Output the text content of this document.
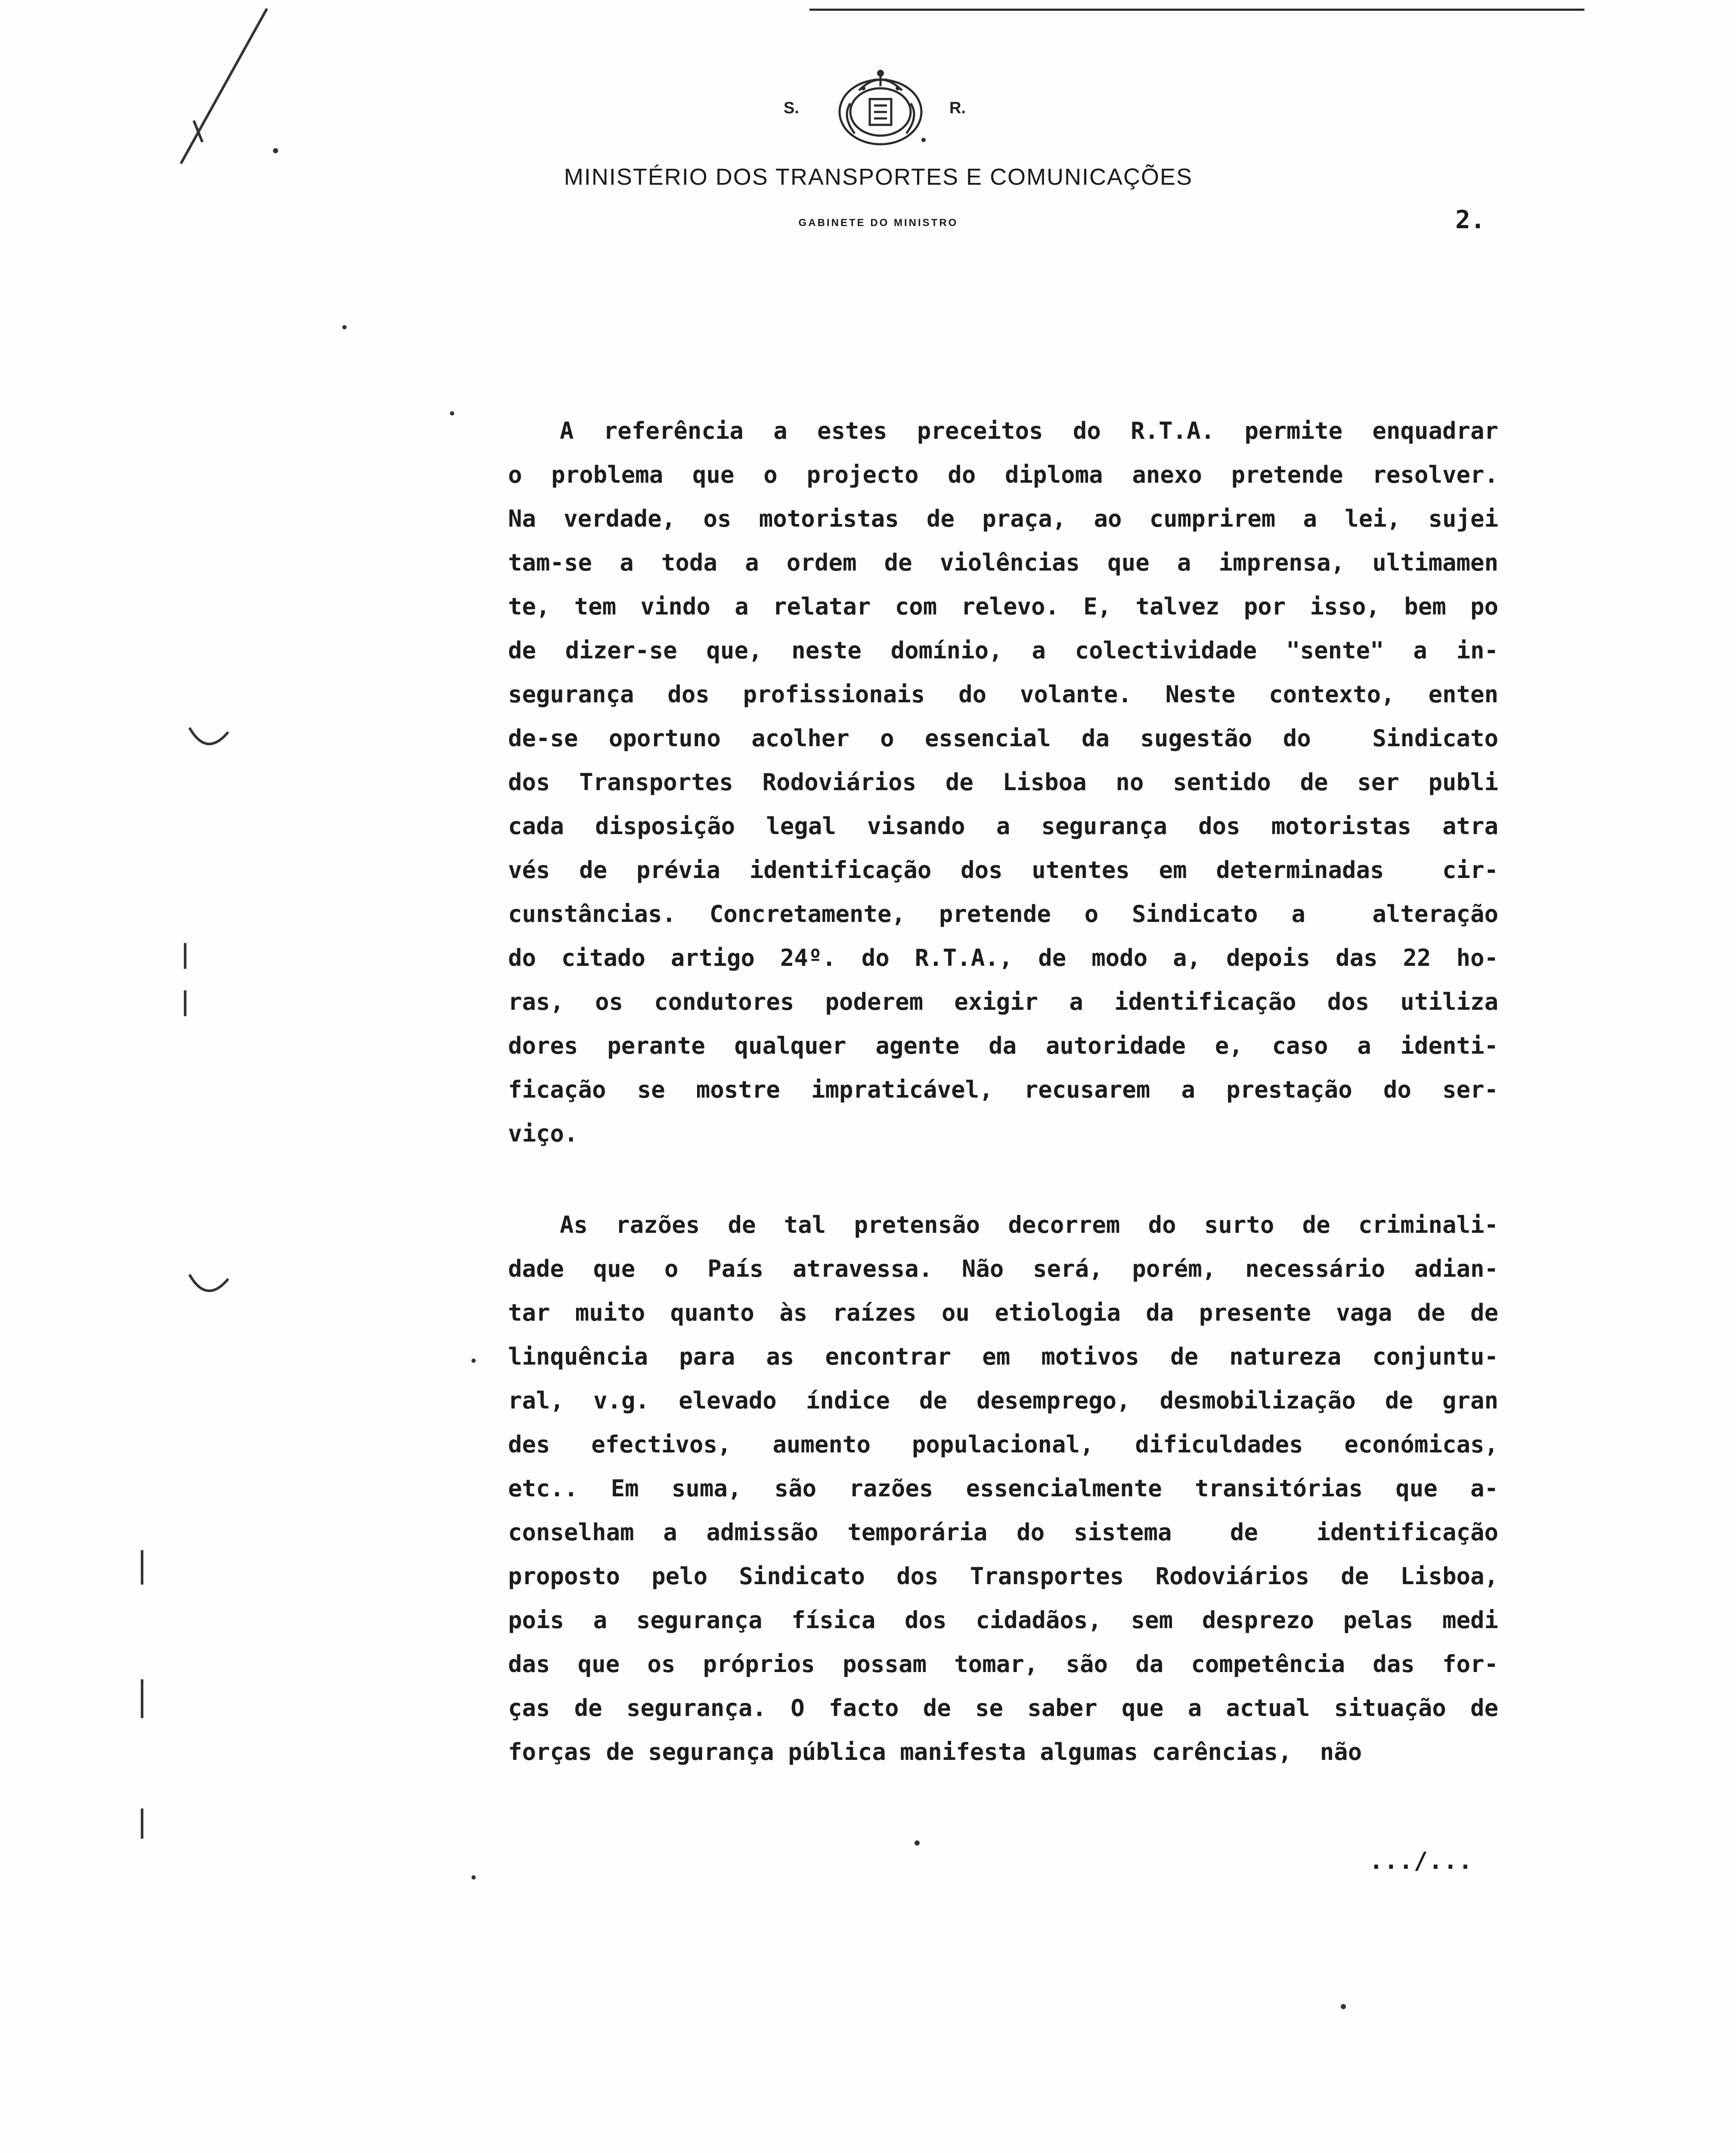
S.	R.
MINISTÉRIO DOS TRANSPORTES E COMUNICAÇÕES
GABINETE DO MINISTRO	2.
A referência a estes preceitos do R.T.A. permite enquadrar
o problema que o projecto do diploma anexo pretende resolver.
Na verdade, os motoristas de praça, ao cumprirem a lei, sujei
tam-se a toda a ordem de violências que a imprensa, ultimamen
te, tem vindo a relatar com relevo. E, talvez por isso, bem po
de dizer-se que, neste domínio, a colectividade "sente" a in-
segurança dos profissionais do volante. Neste contexto, enten
de-se oportuno acolher o essencial da sugestão do  Sindicato
dos Transportes Rodoviários de Lisboa no sentido de ser publi
cada disposição legal visando a segurança dos motoristas atra
vés de prévia identificação dos utentes em determinadas  cir-
cunstâncias. Concretamente, pretende o Sindicato a  alteração
do citado artigo 24º. do R.T.A., de modo a, depois das 22 ho-
ras, os condutores poderem exigir a identificação dos utiliza
dores perante qualquer agente da autoridade e, caso a identi-
ficação se mostre impraticável, recusarem a prestação do ser-
viço.
As razões de tal pretensão decorrem do surto de criminali-
dade que o País atravessa. Não será, porém, necessário adian-
tar muito quanto às raízes ou etiologia da presente vaga de de
linquência para as encontrar em motivos de natureza conjuntu-
ral, v.g. elevado índice de desemprego, desmobilização de gran
des efectivos, aumento populacional, dificuldades económicas,
etc.. Em suma, são razões essencialmente transitórias que a-
conselham a admissão temporária do sistema  de  identificação
proposto pelo Sindicato dos Transportes Rodoviários de Lisboa,
pois a segurança física dos cidadãos, sem desprezo pelas medi
das que os próprios possam tomar, são da competência das for-
ças de segurança. O facto de se saber que a actual situação de
forças de segurança pública manifesta algumas carências,  não
.../...
